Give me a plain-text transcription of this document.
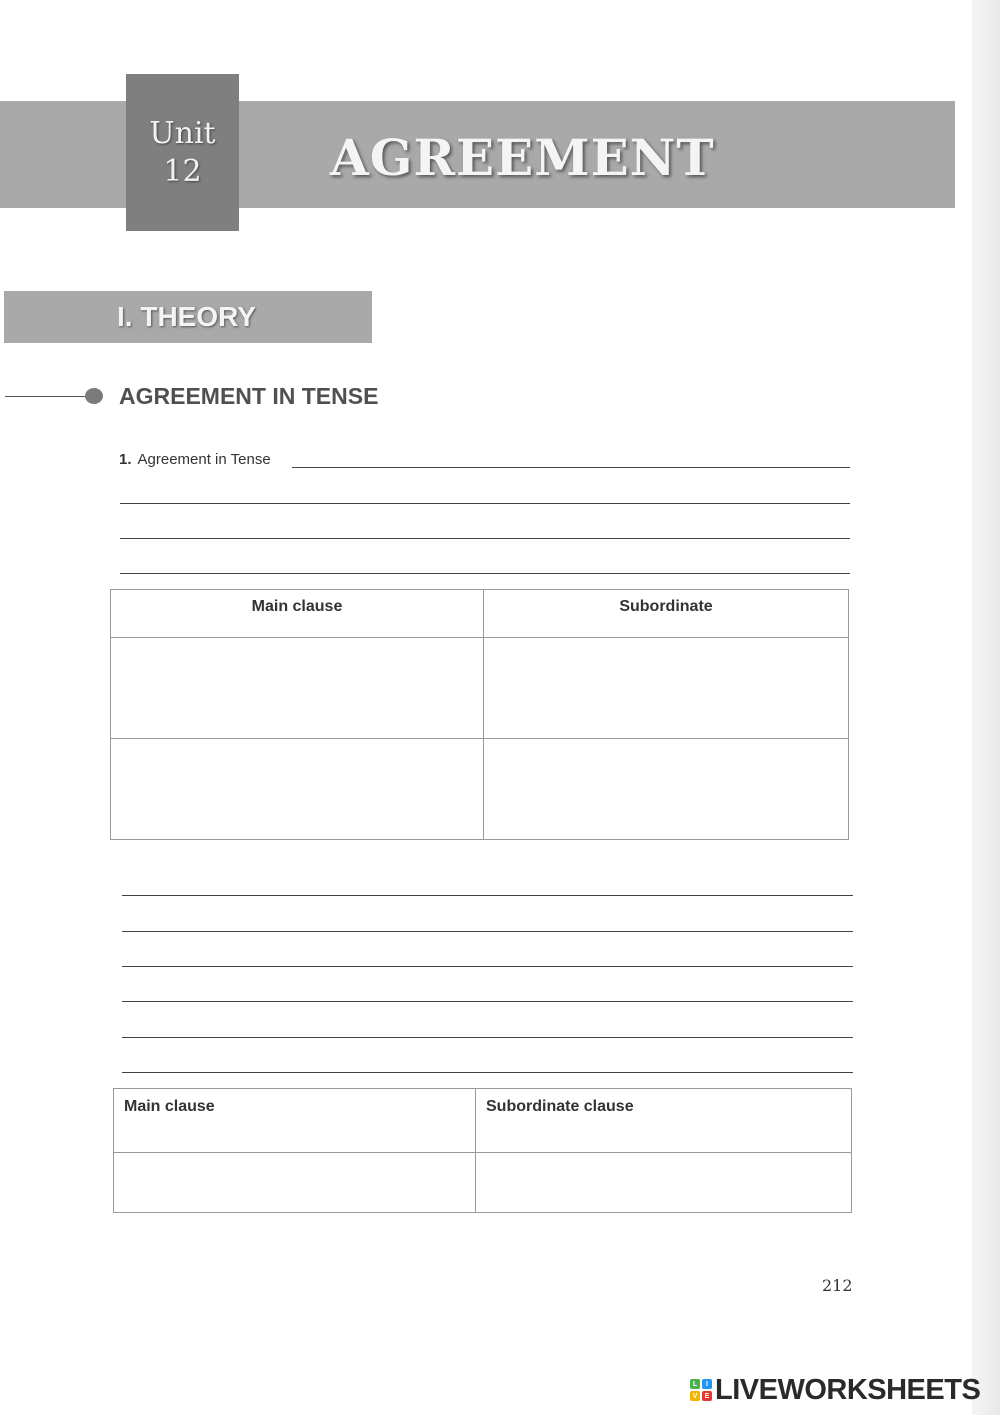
Unit
12	AGREEMENT
I. THEORY
AGREEMENT IN TENSE
1. Agreement in Tense
Main clause	Subordinate

Main clause	Subordinate clause

212
L	I
V	E LIVEWORKSHEETS
